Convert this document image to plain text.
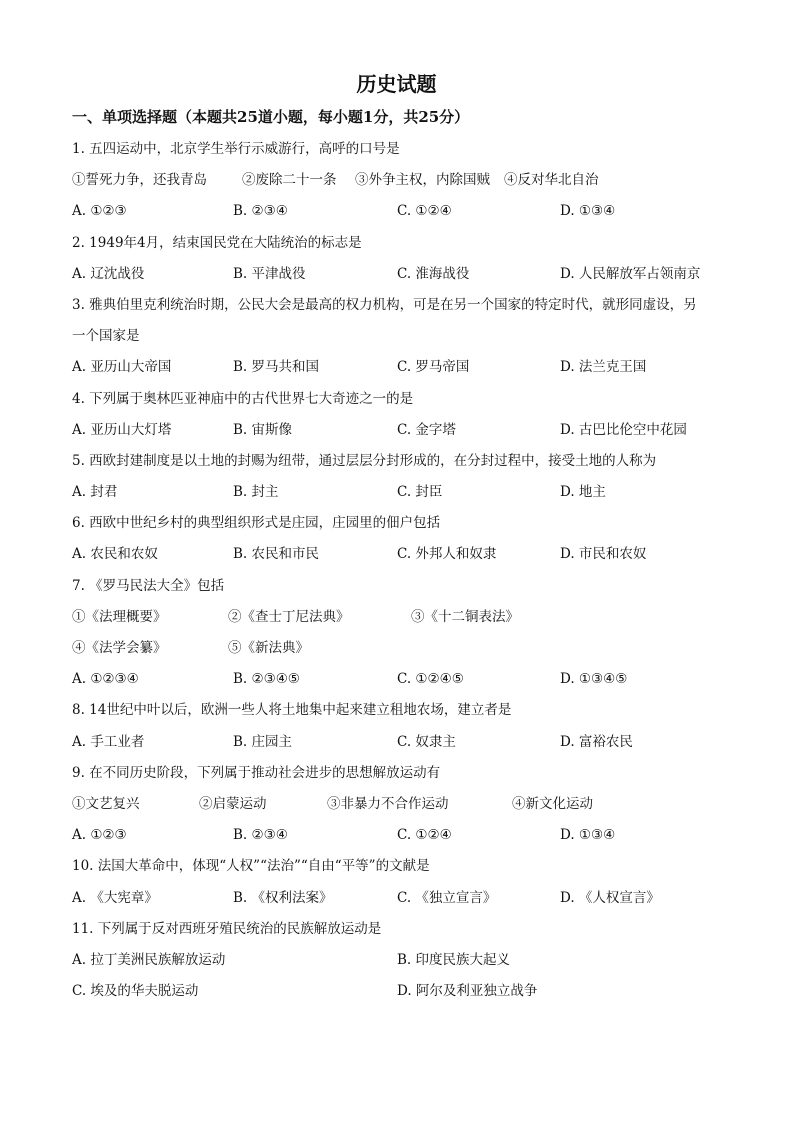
历史试题
一、单项选择题（本题共25道小题，每小题1分，共25分）
1. 五四运动中，北京学生举行示威游行，高呼的口号是
①誓死力争，还我青岛	②废除二十一条 ③外争主权，内除国贼 ④反对华北自治
A. ①②③	B. ②③④	C. ①②④	D. ①③④
2. 1949年4月，结束国民党在大陆统治的标志是
A. 辽沈战役	B. 平津战役	C. 淮海战役	D. 人民解放军占领南京
3. 雅典伯里克利统治时期，公民大会是最高的权力机构，可是在另一个国家的特定时代，就形同虚设，另
一个国家是
A. 亚历山大帝国	B. 罗马共和国	C. 罗马帝国	D. 法兰克王国
4. 下列属于奥林匹亚神庙中的古代世界七大奇迹之一的是
A. 亚历山大灯塔	B. 宙斯像	C. 金字塔	D. 古巴比伦空中花园
5. 西欧封建制度是以土地的封赐为纽带，通过层层分封形成的，在分封过程中，接受土地的人称为
A. 封君	B. 封主	C. 封臣	D. 地主
6. 西欧中世纪乡村的典型组织形式是庄园，庄园里的佃户包括
A. 农民和农奴	B. 农民和市民	C. 外邦人和奴隶	D. 市民和农奴
7. 《罗马民法大全》包括
①《法理概要》	②《查士丁尼法典》	③《十二铜表法》
④《法学会纂》	⑤《新法典》
A. ①②③④	B. ②③④⑤	C. ①②④⑤	D. ①③④⑤
8. 14世纪中叶以后，欧洲一些人将土地集中起来建立租地农场，建立者是
A. 手工业者	B. 庄园主	C. 奴隶主	D. 富裕农民
9. 在不同历史阶段，下列属于推动社会进步的思想解放运动有
①文艺复兴	②启蒙运动	③非暴力不合作运动	④新文化运动
A. ①②③	B. ②③④	C. ①②④	D. ①③④
10. 法国大革命中，体现“人权”“法治”“自由“平等”的文献是
A. 《大宪章》	B. 《权利法案》	C. 《独立宣言》	D. 《人权宣言》
11. 下列属于反对西班牙殖民统治的民族解放运动是
A. 拉丁美洲民族解放运动	B. 印度民族大起义
C. 埃及的华夫脱运动	D. 阿尔及利亚独立战争
